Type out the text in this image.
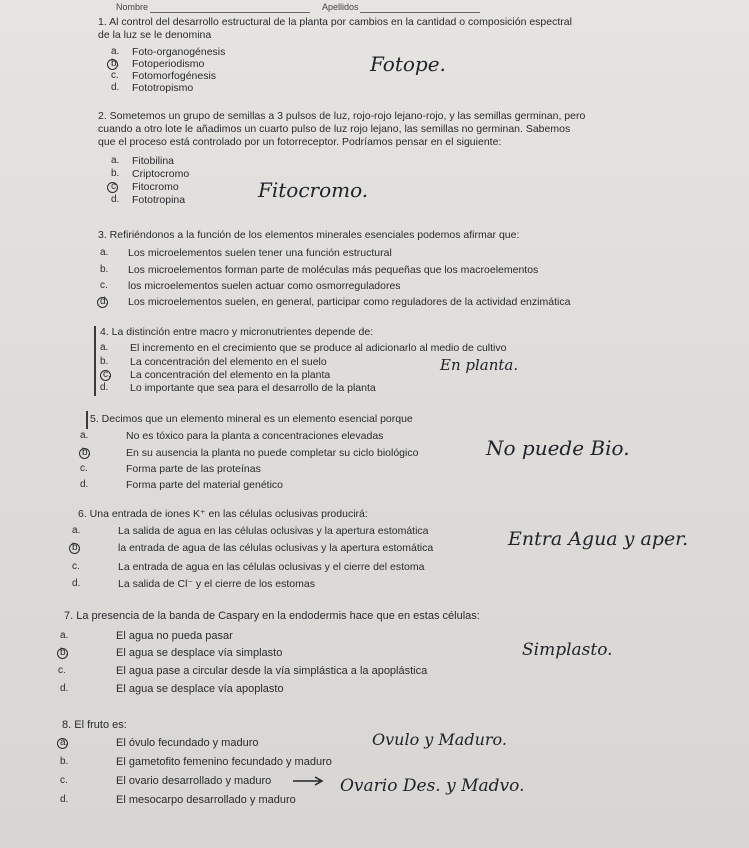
Nombre	Apellidos
1. Al control del desarrollo estructural de la planta por cambios en la cantidad o composición espectral
de la luz se le denomina
a. Foto-organogénesis
b. Fotoperiodismo
c. Fotomorfogénesis
d. Fototropismo
Fotope.
2. Sometemos un grupo de semillas a 3 pulsos de luz, rojo-rojo lejano-rojo, y las semillas germinan, pero
cuando a otro lote le añadimos un cuarto pulso de luz rojo lejano, las semillas no germinan. Sabemos
que el proceso está controlado por un fotorreceptor. Podríamos pensar en el siguiente:
a. Fitobilina
b. Criptocromo
c. Fitocromo
d. Fototropina	Fitocromo.
3. Refiriéndonos a la función de los elementos minerales esenciales podemos afirmar que:
a. Los microelementos suelen tener una función estructural
b. Los microelementos forman parte de moléculas más pequeñas que los macroelementos
c. los microelementos suelen actuar como osmorreguladores
d. Los microelementos suelen, en general, participar como reguladores de la actividad enzimática
4. La distinción entre macro y micronutrientes depende de:
a. El incremento en el crecimiento que se produce al adicionarlo al medio de cultivo
b. La concentración del elemento en el suelo
c. La concentración del elemento en la planta
d. Lo importante que sea para el desarrollo de la planta
En planta.
5. Decimos que un elemento mineral es un elemento esencial porque
a.	No es tóxico para la planta a concentraciones elevadas
b.	En su ausencia la planta no puede completar su ciclo biológico
c.	Forma parte de las proteínas
d.	Forma parte del material genético
No puede Bio.
6. Una entrada de iones K⁺ en las células oclusivas producirá:
a.	La salida de agua en las células oclusivas y la apertura estomática
b.	la entrada de agua de las células oclusivas y la apertura estomática
c.	La entrada de agua en las células oclusivas y el cierre del estoma
d.	La salida de Cl⁻ y el cierre de los estomas
Entra Agua y aper.
7. La presencia de la banda de Caspary en la endodermis hace que en estas células:
a.	El agua no pueda pasar
b.	El agua se desplace vía simplasto
c.	El agua pase a circular desde la vía simplástica a la apoplástica
d.	El agua se desplace vía apoplasto
Simplasto.
8. El fruto es:
a.	El óvulo fecundado y maduro
b.	El gametofito femenino fecundado y maduro
c.	El ovario desarrollado y maduro
d.	El mesocarpo desarrollado y maduro
Ovulo y Maduro.
Ovario Des. y Madvo.
